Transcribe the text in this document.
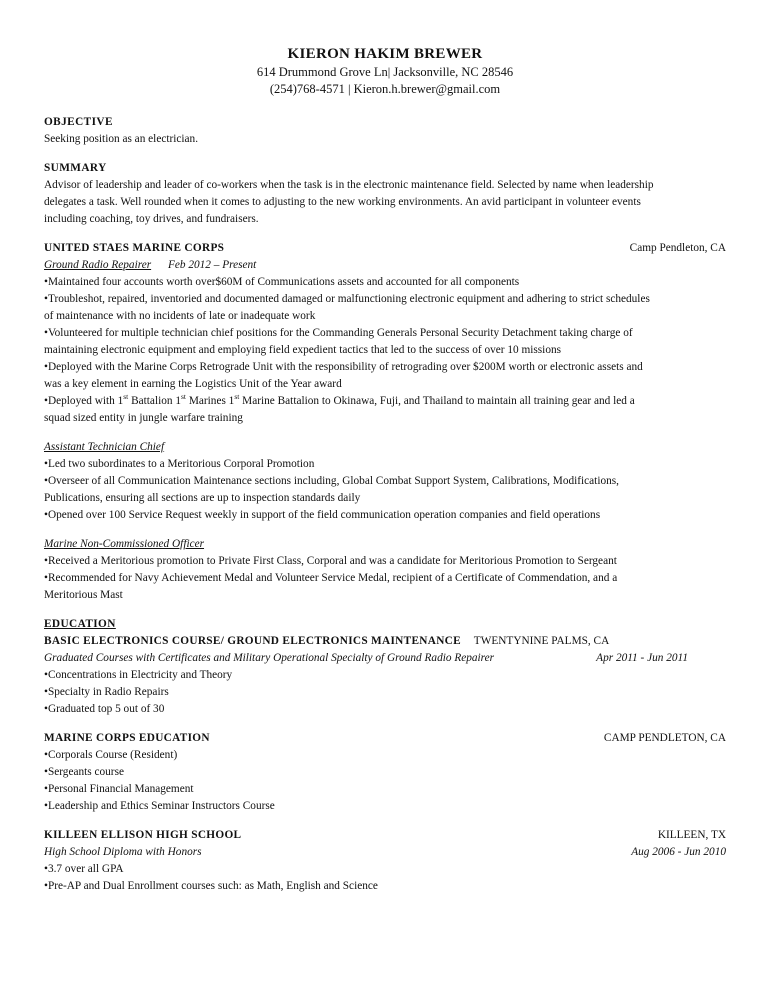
KIERON HAKIM BREWER
614 Drummond Grove Ln| Jacksonville, NC 28546
(254)768-4571 | Kieron.h.brewer@gmail.com
OBJECTIVE
Seeking position as an electrician.
SUMMARY
Advisor of leadership and leader of co-workers when the task is in the electronic maintenance field. Selected by name when leadership
delegates a task. Well rounded when it comes to adjusting to the new working environments. An avid participant in volunteer events
including coaching, toy drives, and fundraisers.
UNITED STAES MARINE CORPS	Camp Pendleton, CA
Ground Radio Repairer Feb 2012 – Present
•Maintained four accounts worth over$60M of Communications assets and accounted for all components
•Troubleshot, repaired, inventoried and documented damaged or malfunctioning electronic equipment and adhering to strict schedules
of maintenance with no incidents of late or inadequate work
•Volunteered for multiple technician chief positions for the Commanding Generals Personal Security Detachment taking charge of
maintaining electronic equipment and employing field expedient tactics that led to the success of over 10 missions
•Deployed with the Marine Corps Retrograde Unit with the responsibility of retrograding over $200M worth or electronic assets and
was a key element in earning the Logistics Unit of the Year award
•Deployed with 1st Battalion 1st Marines 1st Marine Battalion to Okinawa, Fuji, and Thailand to maintain all training gear and led a
squad sized entity in jungle warfare training
Assistant Technician Chief
•Led two subordinates to a Meritorious Corporal Promotion
•Overseer of all Communication Maintenance sections including, Global Combat Support System, Calibrations, Modifications,
Publications, ensuring all sections are up to inspection standards daily
•Opened over 100 Service Request weekly in support of the field communication operation companies and field operations
Marine Non-Commissioned Officer
•Received a Meritorious promotion to Private First Class, Corporal and was a candidate for Meritorious Promotion to Sergeant
•Recommended for Navy Achievement Medal and Volunteer Service Medal, recipient of a Certificate of Commendation, and a
Meritorious Mast
EDUCATION
BASIC ELECTRONICS COURSE/ GROUND ELECTRONICS MAINTENANCE TWENTYNINE PALMS, CA
Graduated Courses with Certificates and Military Operational Specialty of Ground Radio Repairer	Apr 2011 - Jun 2011
•Concentrations in Electricity and Theory
•Specialty in Radio Repairs
•Graduated top 5 out of 30
MARINE CORPS EDUCATION	CAMP PENDLETON, CA
•Corporals Course (Resident)
•Sergeants course
•Personal Financial Management
•Leadership and Ethics Seminar Instructors Course
KILLEEN ELLISON HIGH SCHOOL	KILLEEN, TX
High School Diploma with Honors	Aug 2006 - Jun 2010
•3.7 over all GPA
•Pre-AP and Dual Enrollment courses such: as Math, English and Science
